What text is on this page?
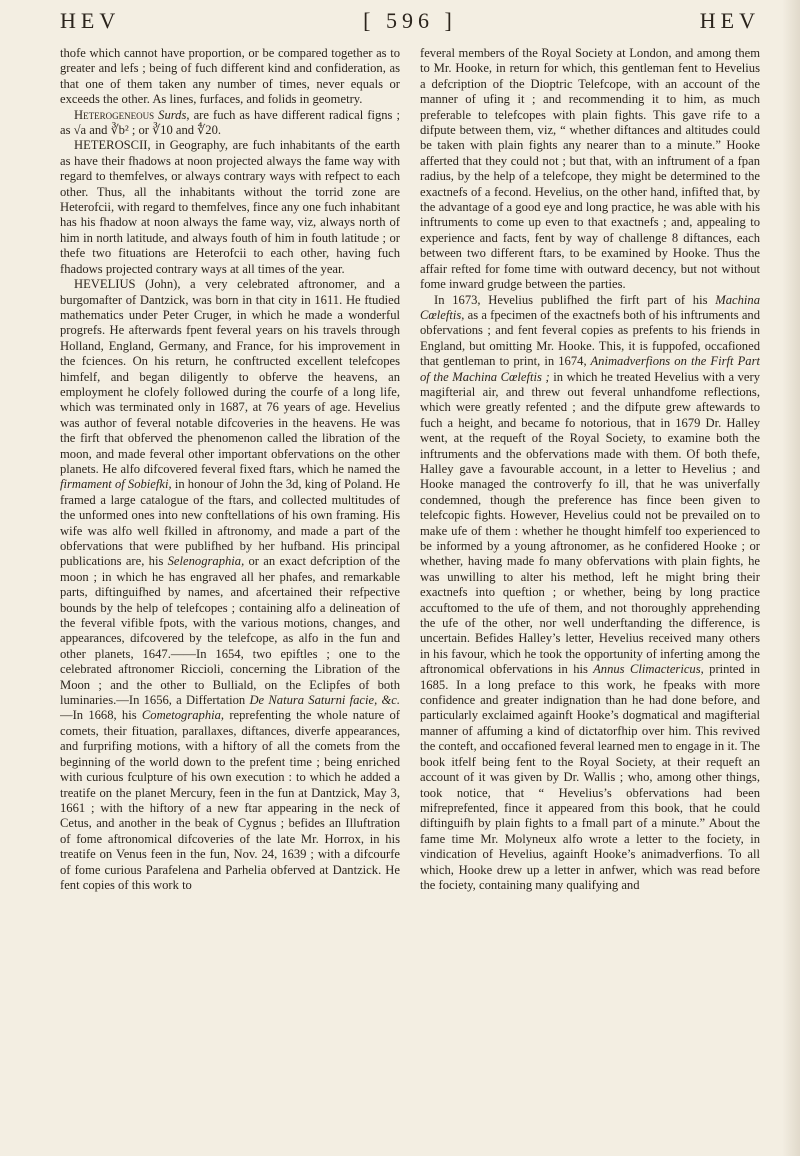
HEV	[ 596 ]	HEV

thofe which cannot have proportion, or be compared together as to greater and lefs ; being of fuch different kind and confideration, as that one of them taken any number of times, never equals or exceeds the other. As lines, furfaces, and folids in geometry.

Heterogeneous Surds, are fuch as have different radical figns ; as √a and ∛b² ; or ∛10 and ∜20.

HETEROSCII, in Geography, are fuch inhabitants of the earth as have their fhadows at noon projected always the fame way with regard to themfelves, or always contrary ways with refpect to each other. Thus, all the inhabitants without the torrid zone are Heterofcii, with regard to themfelves, fince any one fuch inhabitant has his fhadow at noon always the fame way, viz, always north of him in north latitude, and always fouth of him in fouth latitude ; or thefe two fituations are Heterofcii to each other, having fuch fhadows projected contrary ways at all times of the year.

HEVELIUS (John), a very celebrated aftronomer, and a burgomafter of Dantzick, was born in that city in 1611. He ftudied mathematics under Peter Cruger, in which he made a wonderful progrefs. He afterwards fpent feveral years on his travels through Holland, England, Germany, and France, for his improvement in the fciences. On his return, he conftructed excellent telefcopes himfelf, and began diligently to obferve the heavens, an employment he clofely followed during the courfe of a long life, which was terminated only in 1687, at 76 years of age. Hevelius was author of feveral notable difcoveries in the heavens. He was the firft that obferved the phenomenon called the libration of the moon, and made feveral other important obfervations on the other planets. He alfo difcovered feveral fixed ftars, which he named the firmament of Sobiefki, in honour of John the 3d, king of Poland. He framed a large catalogue of the ftars, and collected multitudes of the unformed ones into new conftellations of his own framing. His wife was alfo well fkilled in aftronomy, and made a part of the obfervations that were publifhed by her hufband. His principal publications are, his Selenographia, or an exact defcription of the moon ; in which he has engraved all her phafes, and remarkable parts, diftinguifhed by names, and afcertained their refpective bounds by the help of telefcopes ; containing alfo a delineation of the feveral vifible fpots, with the various motions, changes, and appearances, difcovered by the telefcope, as alfo in the fun and other planets, 1647.——In 1654, two epiftles ; one to the celebrated aftronomer Riccioli, concerning the Libration of the Moon ; and the other to Bulliald, on the Eclipfes of both luminaries.—In 1656, a Differtation De Natura Saturni facie, &c.—In 1668, his Cometographia, reprefenting the whole nature of comets, their fituation, parallaxes, diftances, diverfe appearances, and furprifing motions, with a hiftory of all the comets from the beginning of the world down to the prefent time ; being enriched with curious fculpture of his own execution : to which he added a treatife on the planet Mercury, feen in the fun at Dantzick, May 3, 1661 ; with the hiftory of a new ftar appearing in the neck of Cetus, and another in the beak of Cygnus ; befides an Illuftration of fome aftronomical difcoveries of the late Mr. Horrox, in his treatife on Venus feen in the fun, Nov. 24, 1639 ; with a difcourfe of fome curious Parafelena and Parhelia obferved at Dantzick. He fent copies of this work to

feveral members of the Royal Society at London, and among them to Mr. Hooke, in return for which, this gentleman fent to Hevelius a defcription of the Dioptric Telefcope, with an account of the manner of ufing it ; and recommending it to him, as much preferable to telefcopes with plain fights. This gave rife to a difpute between them, viz, “ whether diftances and altitudes could be taken with plain fights any nearer than to a minute.” Hooke afferted that they could not ; but that, with an inftrument of a fpan radius, by the help of a telefcope, they might be determined to the exactnefs of a fecond. Hevelius, on the other hand, infifted that, by the advantage of a good eye and long practice, he was able with his inftruments to come up even to that exactnefs ; and, appealing to experience and facts, fent by way of challenge 8 diftances, each between two different ftars, to be examined by Hooke. Thus the affair refted for fome time with outward decency, but not without fome inward grudge between the parties.

In 1673, Hevelius publifhed the firft part of his Machina Cœleftis, as a fpecimen of the exactnefs both of his inftruments and obfervations ; and fent feveral copies as prefents to his friends in England, but omitting Mr. Hooke. This, it is fuppofed, occafioned that gentleman to print, in 1674, Animadverfions on the Firft Part of the Machina Cœleftis ; in which he treated Hevelius with a very magifterial air, and threw out feveral unhandfome reflections, which were greatly refented ; and the difpute grew aftewards to fuch a height, and became fo notorious, that in 1679 Dr. Halley went, at the requeft of the Royal Society, to examine both the inftruments and the obfervations made with them. Of both thefe, Halley gave a favourable account, in a letter to Hevelius ; and Hooke managed the controverfy fo ill, that he was univerfally condemned, though the preference has fince been given to telefcopic fights. However, Hevelius could not be prevailed on to make ufe of them : whether he thought himfelf too experienced to be informed by a young aftronomer, as he confidered Hooke ; or whether, having made fo many obfervations with plain fights, he was unwilling to alter his method, left he might bring their exactnefs into queftion ; or whether, being by long practice accuftomed to the ufe of them, and not thoroughly apprehending the ufe of the other, nor well underftanding the difference, is uncertain. Befides Halley’s letter, Hevelius received many others in his favour, which he took the opportunity of inferting among the aftronomical obfervations in his Annus Climactericus, printed in 1685. In a long preface to this work, he fpeaks with more confidence and greater indignation than he had done before, and particularly exclaimed againft Hooke’s dogmatical and magifterial manner of affuming a kind of dictatorfhip over him. This revived the conteft, and occafioned feveral learned men to engage in it. The book itfelf being fent to the Royal Society, at their requeft an account of it was given by Dr. Wallis ; who, among other things, took notice, that “ Hevelius’s obfervations had been mifreprefented, fince it appeared from this book, that he could diftinguifh by plain fights to a fmall part of a minute.” About the fame time Mr. Molyneux alfo wrote a letter to the fociety, in vindication of Hevelius, againft Hooke’s animadverfions. To all which, Hooke drew up a letter in anfwer, which was read before the fociety, containing many qualifying and
